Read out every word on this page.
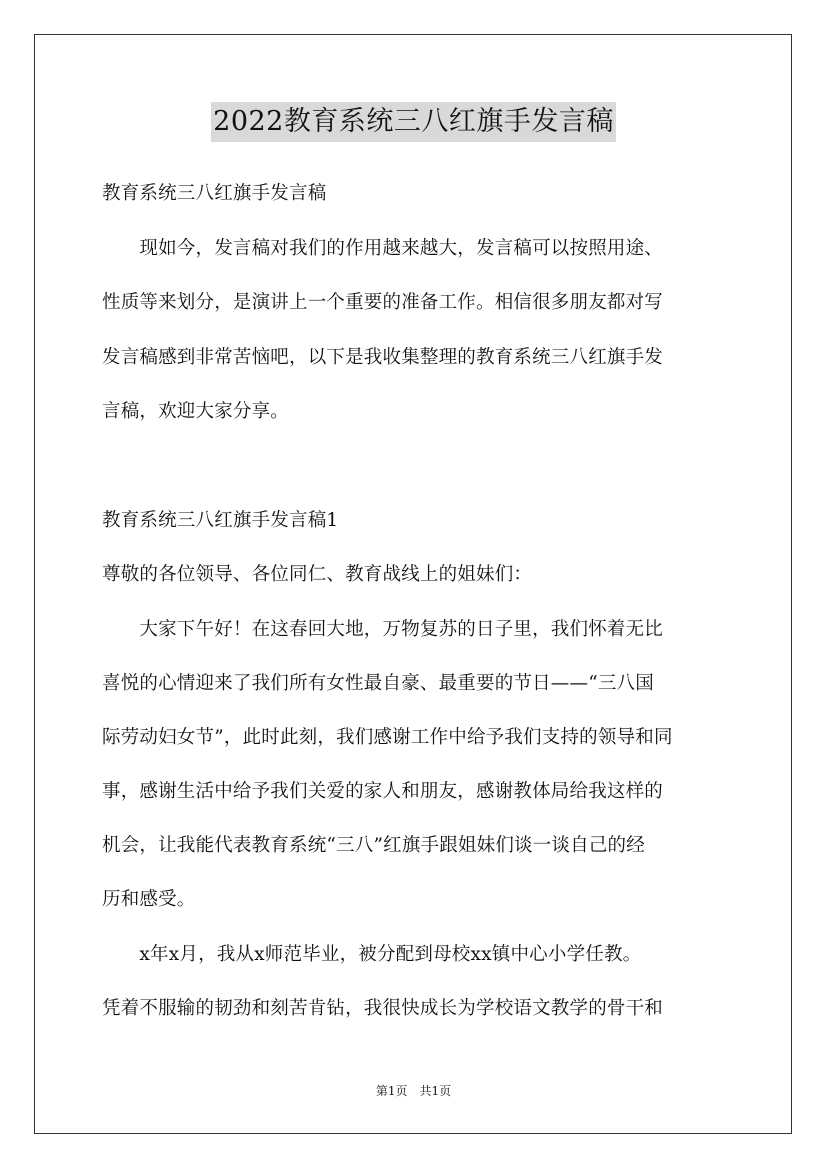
2022教育系统三八红旗手发言稿
教育系统三八红旗手发言稿
　　现如今，发言稿对我们的作用越来越大，发言稿可以按照用途、
性质等来划分，是演讲上一个重要的准备工作。相信很多朋友都对写
发言稿感到非常苦恼吧，以下是我收集整理的教育系统三八红旗手发
言稿，欢迎大家分享。
教育系统三八红旗手发言稿1
尊敬的各位领导、各位同仁、教育战线上的姐妹们：
　　大家下午好！在这春回大地，万物复苏的日子里，我们怀着无比
喜悦的心情迎来了我们所有女性最自豪、最重要的节日——“三八国
际劳动妇女节”，此时此刻，我们感谢工作中给予我们支持的领导和同
事，感谢生活中给予我们关爱的家人和朋友，感谢教体局给我这样的
机会，让我能代表教育系统“三八”红旗手跟姐妹们谈一谈自己的经
历和感受。
　　x年x月，我从x师范毕业，被分配到母校xx镇中心小学任教。
凭着不服输的韧劲和刻苦肯钻，我很快成长为学校语文教学的骨干和
第1页　共1页
